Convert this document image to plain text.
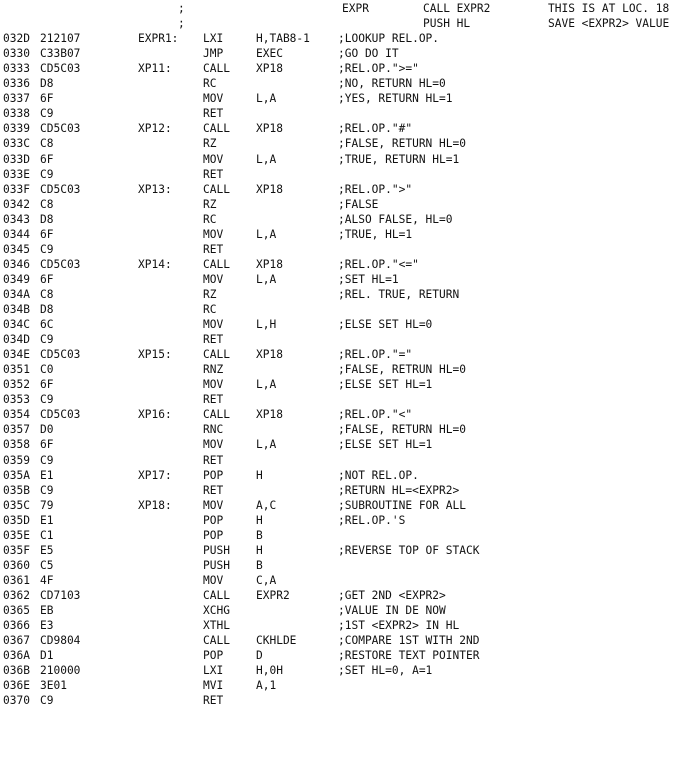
;	EXPR	CALL EXPR2	THIS IS AT LOC. 18
;	PUSH HL	SAVE <EXPR2> VALUE
032D 212107	EXPR1: LXI	H,TAB8-1	;LOOKUP REL.OP.
0330 C33B07	JMP	EXEC	;GO DO IT
0333 CD5C03	XP11:	CALL XP18	;REL.OP.">="
0336 D8	RC	;NO, RETURN HL=0
0337 6F	MOV	L,A	;YES, RETURN HL=1
0338 C9	RET
0339 CD5C03	XP12:	CALL XP18	;REL.OP."#"
033C C8	RZ	;FALSE, RETURN HL=0
033D 6F	MOV	L,A	;TRUE, RETURN HL=1
033E C9	RET
033F CD5C03	XP13:	CALL XP18	;REL.OP.">"
0342 C8	RZ	;FALSE
0343 D8	RC	;ALSO FALSE, HL=0
0344 6F	MOV	L,A	;TRUE, HL=1
0345 C9	RET
0346 CD5C03	XP14:	CALL XP18	;REL.OP."<="
0349 6F	MOV	L,A	;SET HL=1
034A C8	RZ	;REL. TRUE, RETURN
034B D8	RC
034C 6C	MOV	L,H	;ELSE SET HL=0
034D C9	RET
034E CD5C03	XP15:	CALL XP18	;REL.OP."="
0351 C0	RNZ	;FALSE, RETRUN HL=0
0352 6F	MOV	L,A	;ELSE SET HL=1
0353 C9	RET
0354 CD5C03	XP16:	CALL XP18	;REL.OP."<"
0357 D0	RNC	;FALSE, RETURN HL=0
0358 6F	MOV	L,A	;ELSE SET HL=1
0359 C9	RET
035A E1	XP17:	POP	H	;NOT REL.OP.
035B C9	RET	;RETURN HL=<EXPR2>
035C 79	XP18:	MOV	A,C	;SUBROUTINE FOR ALL
035D E1	POP	H	;REL.OP.'S
035E C1	POP	B
035F E5	PUSH H	;REVERSE TOP OF STACK
0360 C5	PUSH B
0361 4F	MOV	C,A
0362 CD7103	CALL EXPR2	;GET 2ND <EXPR2>
0365 EB	XCHG	;VALUE IN DE NOW
0366 E3	XTHL	;1ST <EXPR2> IN HL
0367 CD9804	CALL CKHLDE	;COMPARE 1ST WITH 2ND
036A D1	POP	D	;RESTORE TEXT POINTER
036B 210000	LXI	H,0H	;SET HL=0, A=1
036E 3E01	MVI	A,1
0370 C9	RET
